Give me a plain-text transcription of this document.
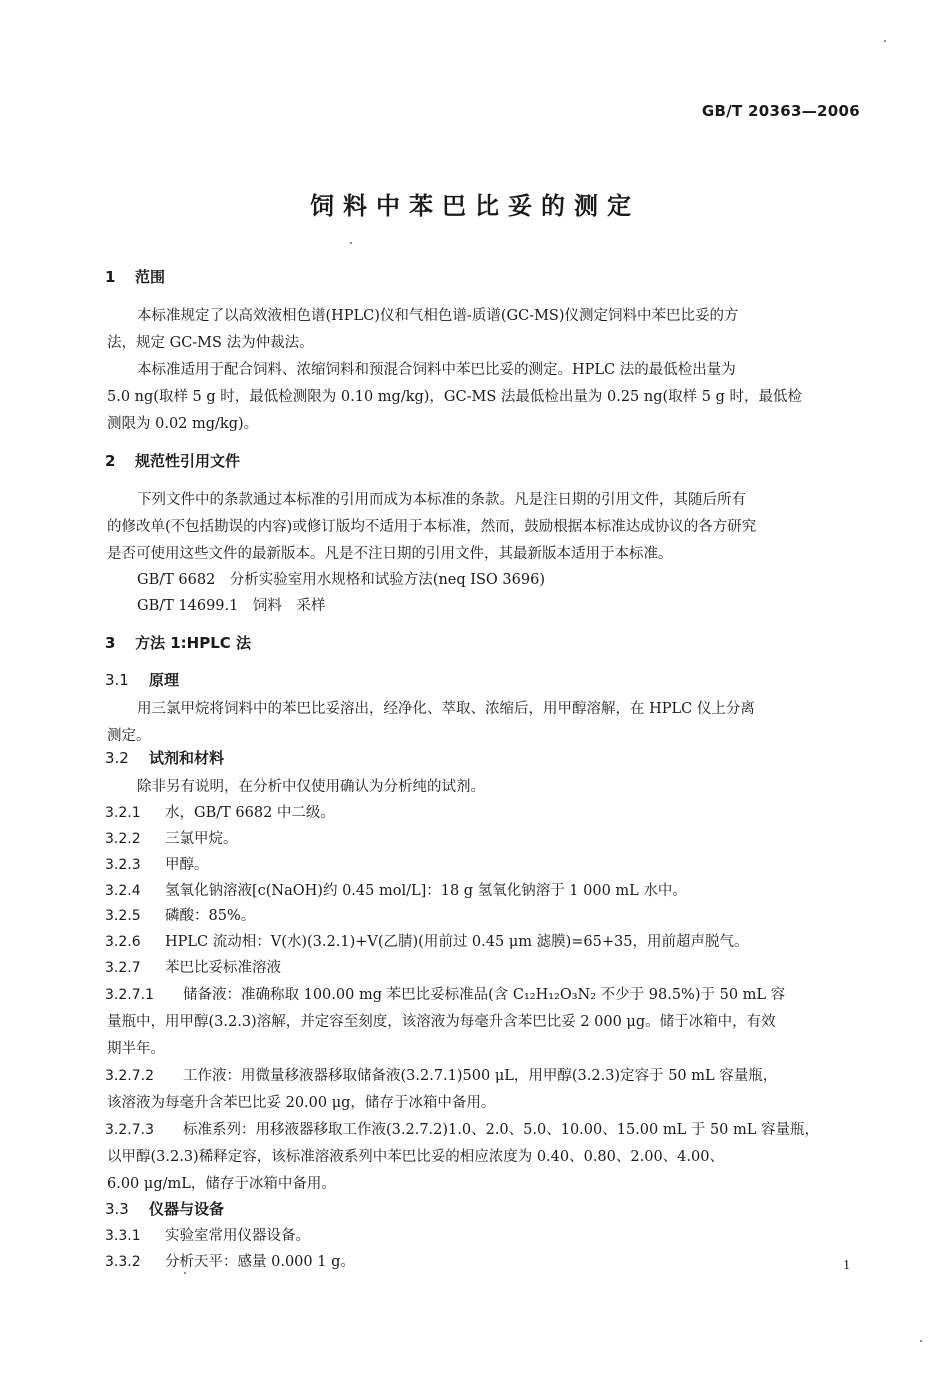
GB/T 20363—2006
饲料中苯巴比妥的测定
1 范围
本标准规定了以高效液相色谱(HPLC)仪和气相色谱-质谱(GC-MS)仪测定饲料中苯巴比妥的方
法，规定 GC-MS 法为仲裁法。
本标准适用于配合饲料、浓缩饲料和预混合饲料中苯巴比妥的测定。HPLC 法的最低检出量为
5.0 ng(取样 5 g 时，最低检测限为 0.10 mg/kg)，GC-MS 法最低检出量为 0.25 ng(取样 5 g 时，最低检
测限为 0.02 mg/kg)。
2 规范性引用文件
下列文件中的条款通过本标准的引用而成为本标准的条款。凡是注日期的引用文件，其随后所有
的修改单(不包括勘误的内容)或修订版均不适用于本标准，然而，鼓励根据本标准达成协议的各方研究
是否可使用这些文件的最新版本。凡是不注日期的引用文件，其最新版本适用于本标准。
GB/T 6682　分析实验室用水规格和试验方法(neq ISO 3696)
GB/T 14699.1　饲料　采样
3 方法 1:HPLC 法
3.1 原理
用三氯甲烷将饲料中的苯巴比妥溶出，经净化、萃取、浓缩后，用甲醇溶解，在 HPLC 仪上分离
测定。
3.2 试剂和材料
除非另有说明，在分析中仅使用确认为分析纯的试剂。
3.2.1 水，GB/T 6682 中二级。
3.2.2 三氯甲烷。
3.2.3 甲醇。
3.2.4 氢氧化钠溶液[c(NaOH)约 0.45 mol/L]：18 g 氢氧化钠溶于 1 000 mL 水中。
3.2.5 磷酸：85%。
3.2.6 HPLC 流动相：V(水)(3.2.1)+V(乙腈)(用前过 0.45 μm 滤膜)=65+35，用前超声脱气。
3.2.7 苯巴比妥标准溶液
3.2.7.1 储备液：准确称取 100.00 mg 苯巴比妥标准品(含 C₁₂H₁₂O₃N₂ 不少于 98.5%)于 50 mL 容
量瓶中，用甲醇(3.2.3)溶解，并定容至刻度，该溶液为每毫升含苯巴比妥 2 000 μg。储于冰箱中，有效
期半年。
3.2.7.2 工作液：用微量移液器移取储备液(3.2.7.1)500 μL，用甲醇(3.2.3)定容于 50 mL 容量瓶，
该溶液为每毫升含苯巴比妥 20.00 μg，储存于冰箱中备用。
3.2.7.3 标准系列：用移液器移取工作液(3.2.7.2)1.0、2.0、5.0、10.00、15.00 mL 于 50 mL 容量瓶，
以甲醇(3.2.3)稀释定容，该标准溶液系列中苯巴比妥的相应浓度为 0.40、0.80、2.00、4.00、
6.00 μg/mL，储存于冰箱中备用。
3.3 仪器与设备
3.3.1 实验室常用仪器设备。
3.3.2 分析天平：感量 0.000 1 g。	1
